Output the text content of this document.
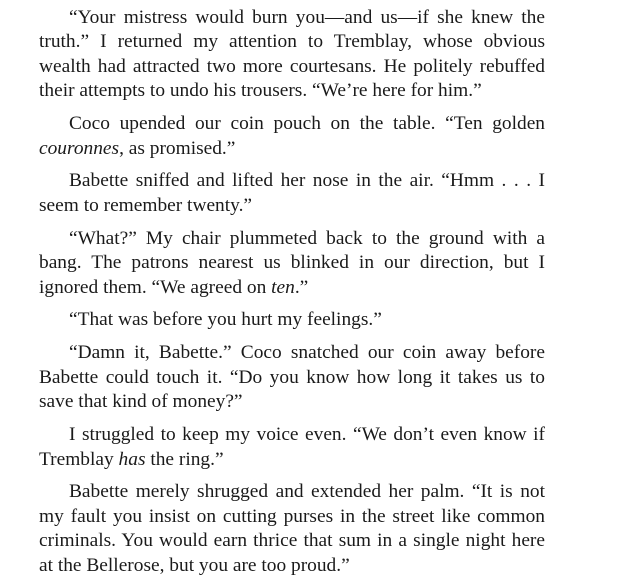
“Your mistress would burn you—and us—if she knew the truth.” I returned my attention to Tremblay, whose obvious wealth had attracted two more courtesans. He politely rebuffed their attempts to undo his trousers. “We’re here for him.”

Coco upended our coin pouch on the table. “Ten golden couronnes, as promised.”

Babette sniffed and lifted her nose in the air. “Hmm . . . I seem to remember twenty.”

“What?” My chair plummeted back to the ground with a bang. The patrons nearest us blinked in our direction, but I ignored them. “We agreed on ten.”

“That was before you hurt my feelings.”

“Damn it, Babette.” Coco snatched our coin away before Babette could touch it. “Do you know how long it takes us to save that kind of money?”

I struggled to keep my voice even. “We don’t even know if Tremblay has the ring.”

Babette merely shrugged and extended her palm. “It is not my fault you insist on cutting purses in the street like common criminals. You would earn thrice that sum in a single night here at the Bellerose, but you are too proud.”
